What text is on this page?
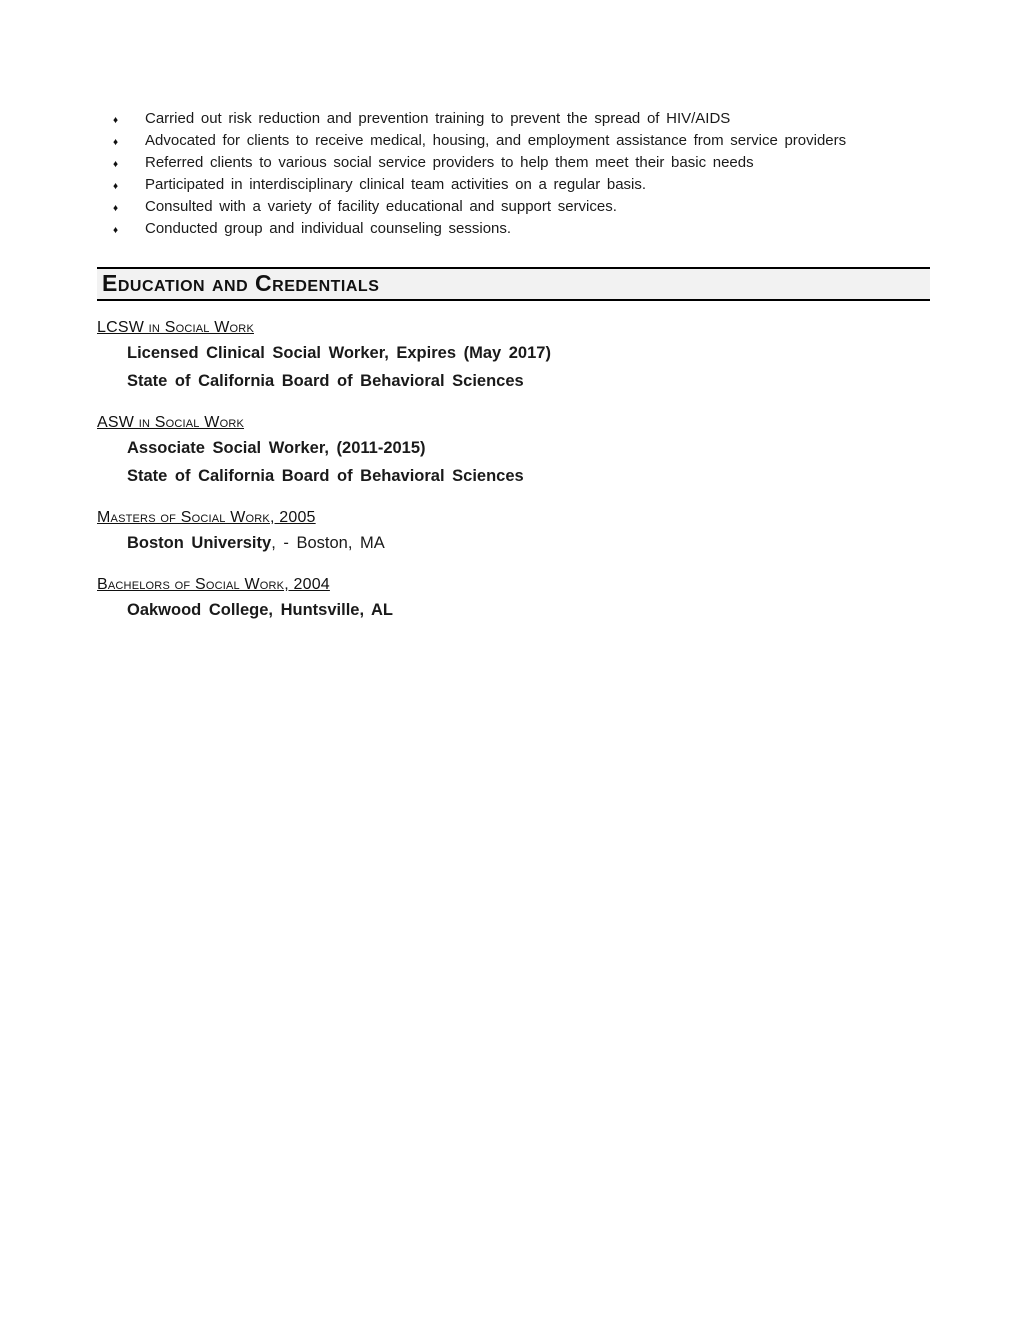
♦	Carried out risk reduction and prevention training to prevent the spread of HIV/AIDS
♦	Advocated for clients to receive medical, housing, and employment assistance from service providers
♦	Referred clients to various social service providers to help them meet their basic needs
♦	Participated in interdisciplinary clinical team activities on a regular basis.
♦	Consulted with a variety of facility educational and support services.
♦	Conducted group and individual counseling sessions.
Education and Credentials
LCSW in Social Work
Licensed Clinical Social Worker, Expires (May 2017)
State of California Board of Behavioral Sciences
ASW in Social Work
Associate Social Worker, (2011-2015)
State of California Board of Behavioral Sciences
Masters of Social Work, 2005
Boston University, - Boston, MA
Bachelors of Social Work, 2004
Oakwood College, Huntsville, AL
